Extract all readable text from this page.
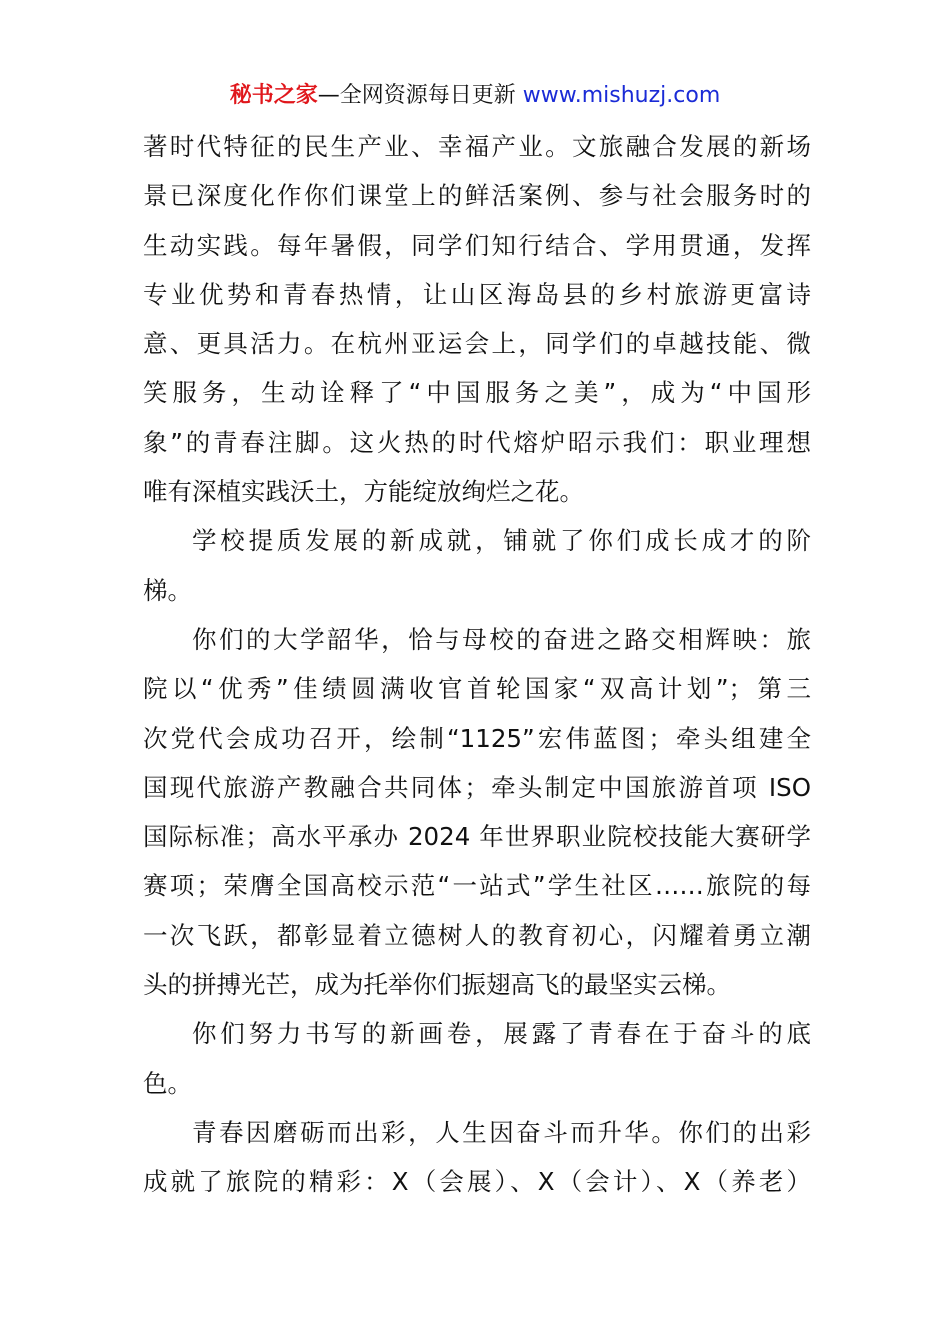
秘书之家—全网资源每日更新 www.mishuzj.com
著时代特征的民生产业、幸福产业。文旅融合发展的新场
景已深度化作你们课堂上的鲜活案例、参与社会服务时的
生动实践。每年暑假，同学们知行结合、学用贯通，发挥
专业优势和青春热情，让山区海岛县的乡村旅游更富诗
意、更具活力。在杭州亚运会上，同学们的卓越技能、微
笑服务，生动诠释了“中国服务之美”，成为“中国形
象”的青春注脚。这火热的时代熔炉昭示我们：职业理想
唯有深植实践沃土，方能绽放绚烂之花。
学校提质发展的新成就，铺就了你们成长成才的阶
梯。
你们的大学韶华，恰与母校的奋进之路交相辉映：旅
院以“优秀”佳绩圆满收官首轮国家“双高计划”；第三
次党代会成功召开，绘制“1125”宏伟蓝图；牵头组建全
国现代旅游产教融合共同体；牵头制定中国旅游首项 ISO
国际标准；高水平承办 2024 年世界职业院校技能大赛研学
赛项；荣膺全国高校示范“一站式”学生社区……旅院的每
一次飞跃，都彰显着立德树人的教育初心，闪耀着勇立潮
头的拼搏光芒，成为托举你们振翅高飞的最坚实云梯。
你们努力书写的新画卷，展露了青春在于奋斗的底
色。
青春因磨砺而出彩，人生因奋斗而升华。你们的出彩
成就了旅院的精彩：X（会展）、X（会计）、X（养老）
